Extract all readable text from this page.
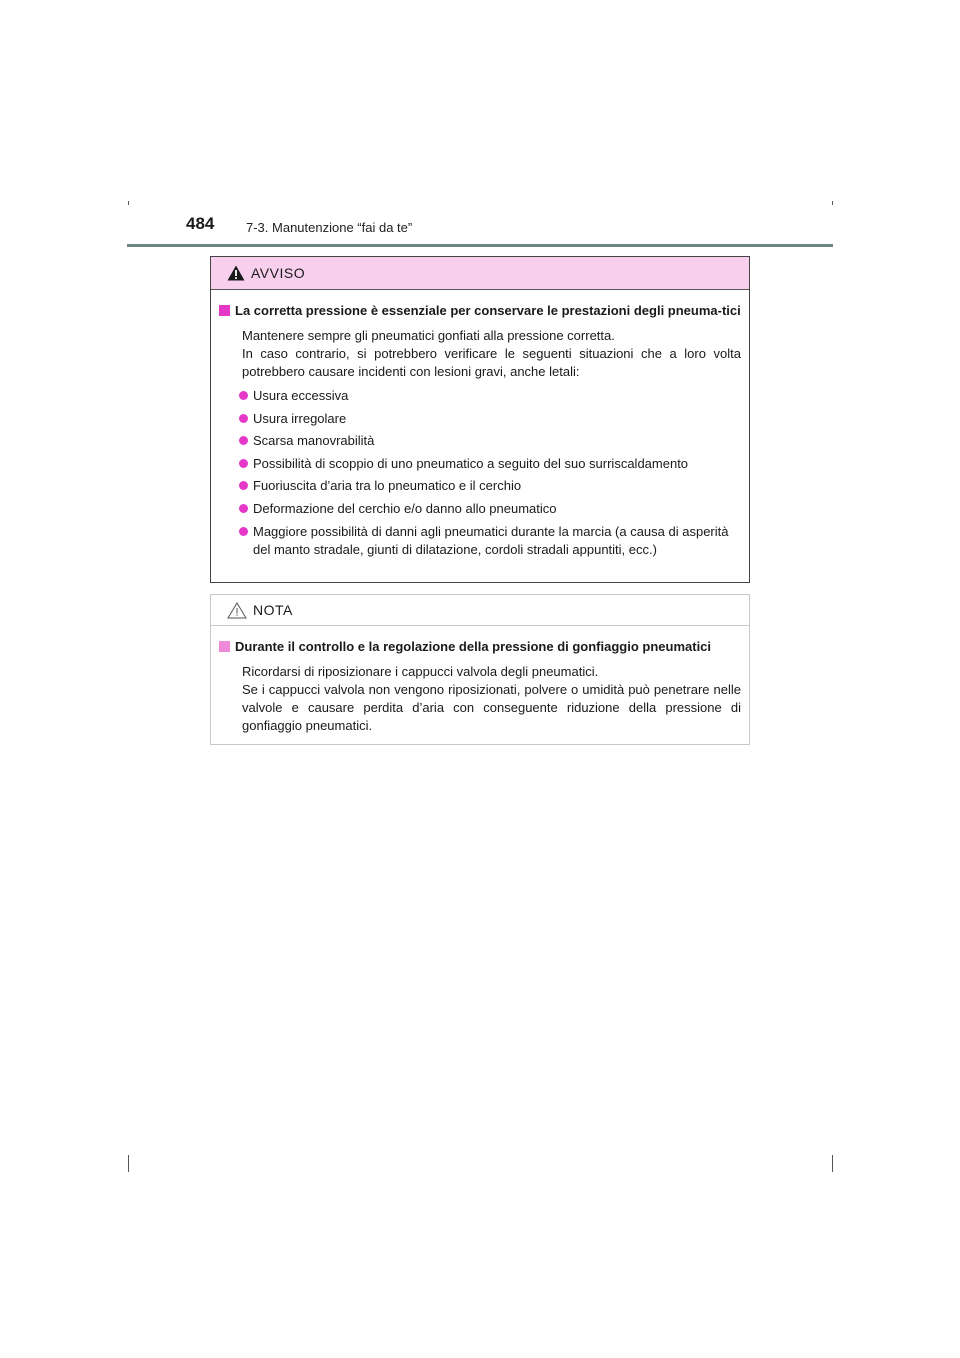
484 7-3. Manutenzione “fai da te”
AVVISO
La corretta pressione è essenziale per conservare le prestazioni degli pneuma-tici
Mantenere sempre gli pneumatici gonfiati alla pressione corretta.
In caso contrario, si potrebbero verificare le seguenti situazioni che a loro volta
potrebbero causare incidenti con lesioni gravi, anche letali:
Usura eccessiva
Usura irregolare
Scarsa manovrabilità
Possibilità di scoppio di uno pneumatico a seguito del suo surriscaldamento
Fuoriuscita d’aria tra lo pneumatico e il cerchio
Deformazione del cerchio e/o danno allo pneumatico
Maggiore possibilità di danni agli pneumatici durante la marcia (a causa di asperità del manto stradale, giunti di dilatazione, cordoli stradali appuntiti, ecc.)
NOTA
Durante il controllo e la regolazione della pressione di gonfiaggio pneumatici
Ricordarsi di riposizionare i cappucci valvola degli pneumatici.
Se i cappucci valvola non vengono riposizionati, polvere o umidità può penetrare nelle valvole e causare perdita d’aria con conseguente riduzione della pressione di gonfiaggio pneumatici.
